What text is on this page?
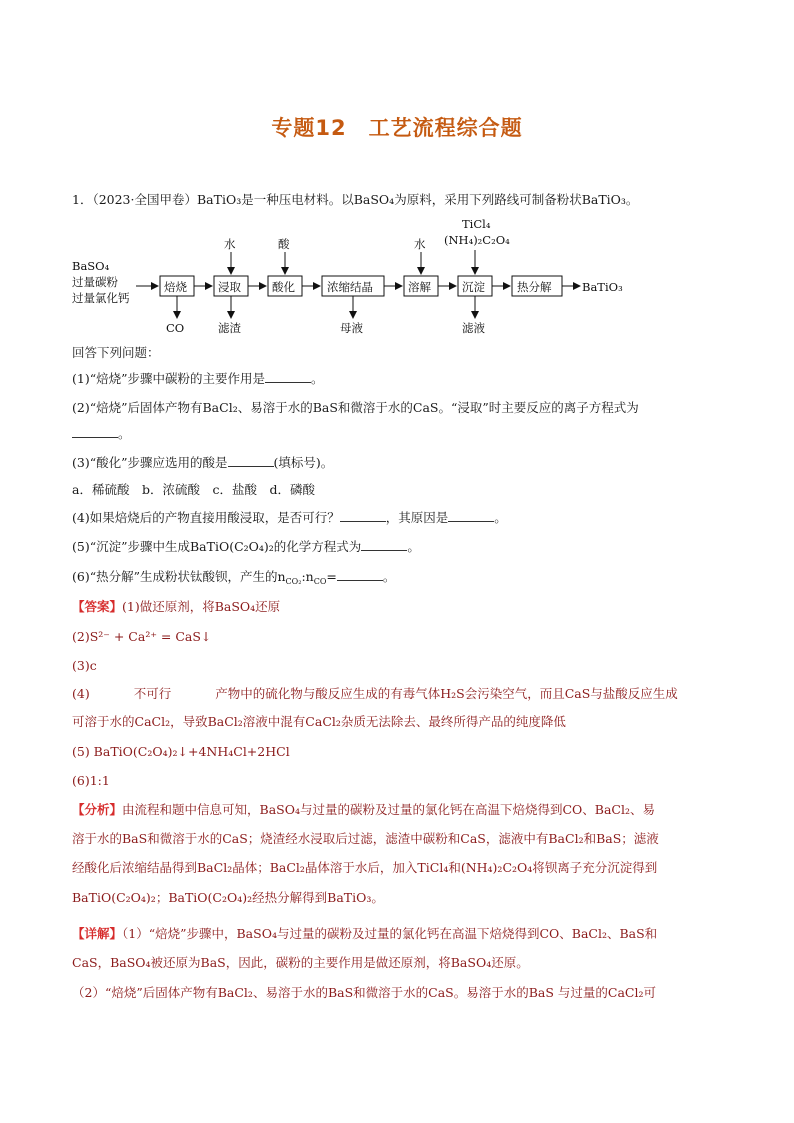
专题12　工艺流程综合题
1．（2023·全国甲卷）BaTiO₃是一种压电材料。以BaSO₄为原料，采用下列路线可制备粉状BaTiO₃。
BaSO₄
过量碳粉
过量氯化钙
焙烧	浸取	酸化	浓缩结晶	溶解	沉淀	热分解	BaTiO₃
水	酸	水
TiCl₄
(NH₄)₂C₂O₄
CO	滤渣	母液	滤液
回答下列问题：
(1)“焙烧”步骤中碳粉的主要作用是	。
(2)“焙烧”后固体产物有BaCl₂、易溶于水的BaS和微溶于水的CaS。“浸取”时主要反应的离子方程式为
。
(3)“酸化”步骤应选用的酸是	(填标号)。
a．稀硫酸　b．浓硫酸　c．盐酸　d．磷酸
(4)如果焙烧后的产物直接用酸浸取，是否可行？	，其原因是	。
(5)“沉淀”步骤中生成BaTiO(C₂O₄)₂的化学方程式为	。
(6)“热分解”生成粉状钛酸钡，产生的$n_{CO_2}:n_{CO}=$	。
【答案】(1)做还原剂，将BaSO₄还原
(2)S²⁻ + Ca²⁺ = CaS↓
(3)c
(4)	不可行	产物中的硫化物与酸反应生成的有毒气体H₂S会污染空气，而且CaS与盐酸反应生成
可溶于水的CaCl₂，导致BaCl₂溶液中混有CaCl₂杂质无法除去、最终所得产品的纯度降低
(5) BaTiO(C₂O₄)₂↓+4NH₄Cl+2HCl
(6)1:1
【分析】由流程和题中信息可知，BaSO₄与过量的碳粉及过量的氯化钙在高温下焙烧得到CO、BaCl₂、易
溶于水的BaS和微溶于水的CaS；烧渣经水浸取后过滤，滤渣中碳粉和CaS，滤液中有BaCl₂和BaS；滤液
经酸化后浓缩结晶得到BaCl₂晶体；BaCl₂晶体溶于水后，加入TiCl₄和(NH₄)₂C₂O₄将钡离子充分沉淀得到
BaTiO(C₂O₄)₂；BaTiO(C₂O₄)₂经热分解得到BaTiO₃。
【详解】（1）“焙烧”步骤中，BaSO₄与过量的碳粉及过量的氯化钙在高温下焙烧得到CO、BaCl₂、BaS和
CaS，BaSO₄被还原为BaS，因此，碳粉的主要作用是做还原剂，将BaSO₄还原。
（2）“焙烧”后固体产物有BaCl₂、易溶于水的BaS和微溶于水的CaS。易溶于水的BaS 与过量的CaCl₂可
